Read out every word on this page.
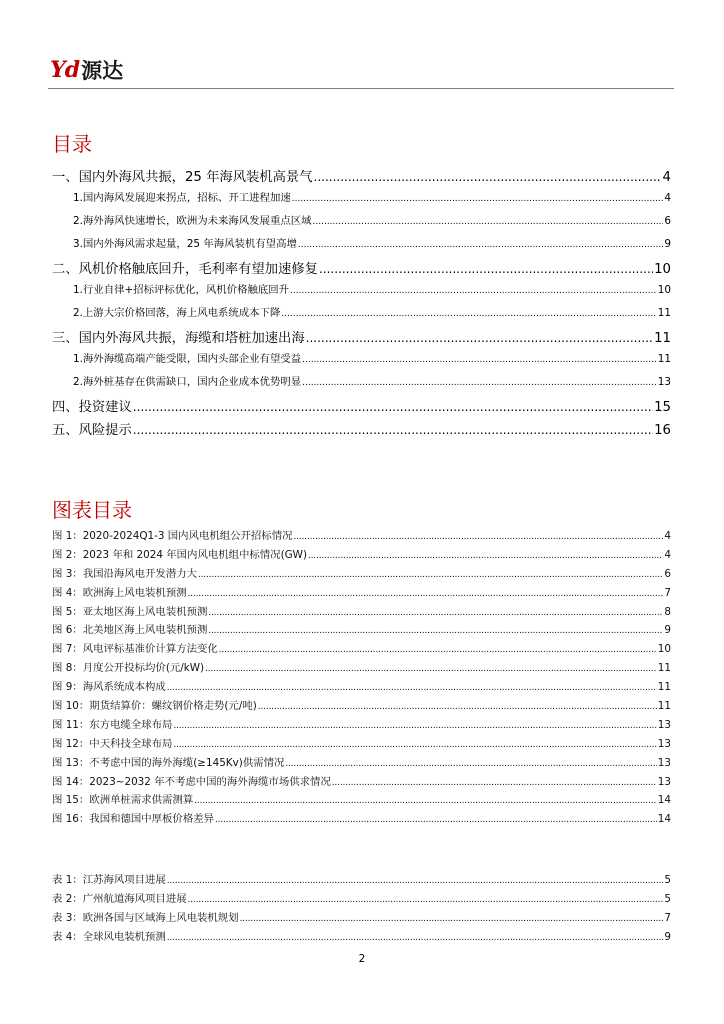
Yd 源达
目录
一、国内外海风共振，25 年海风装机高景气 .....	4
1.国内海风发展迎来拐点，招标、开工进程加速 .....	4
2.海外海风快速增长，欧洲为未来海风发展重点区域 .....	6
3.国内外海风需求起量，25 年海风装机有望高增 .....	9
二、风机价格触底回升，毛利率有望加速修复 .....	10
1.行业自律+招标评标优化，风机价格触底回升 .....	10
2.上游大宗价格回落，海上风电系统成本下降 .....	11
三、国内外海风共振，海缆和塔桩加速出海 .....	11
1.海外海缆高端产能受限，国内头部企业有望受益 .....	11
2.海外桩基存在供需缺口，国内企业成本优势明显 .....	13
四、投资建议 .....	15
五、风险提示 .....	16
图表目录
图 1：2020-2024Q1-3 国内风电机组公开招标情况 .....	4
图 2：2023 年和 2024 年国内风电机组中标情况(GW) .....	4
图 3：我国沿海风电开发潜力大 .....	6
图 4：欧洲海上风电装机预测 .....	7
图 5：亚太地区海上风电装机预测 .....	8
图 6：北美地区海上风电装机预测 .....	9
图 7：风电评标基准价计算方法变化 .....	10
图 8：月度公开投标均价(元/kW) .....	11
图 9：海风系统成本构成 .....	11
图 10：期货结算价：螺纹钢价格走势(元/吨) .....	11
图 11：东方电缆全球布局 .....	13
图 12：中天科技全球布局 .....	13
图 13：不考虑中国的海外海缆(≥145Kv)供需情况 .....	13
图 14：2023~2032 年不考虑中国的海外海缆市场供求情况 .....	13
图 15：欧洲单桩需求供需测算 .....	14
图 16：我国和德国中厚板价格差异 .....	14
表 1：江苏海风项目进展 .....	5
表 2：广州航道海风项目进展 .....	5
表 3：欧洲各国与区域海上风电装机规划 .....	7
表 4：全球风电装机预测 .....	9
2
